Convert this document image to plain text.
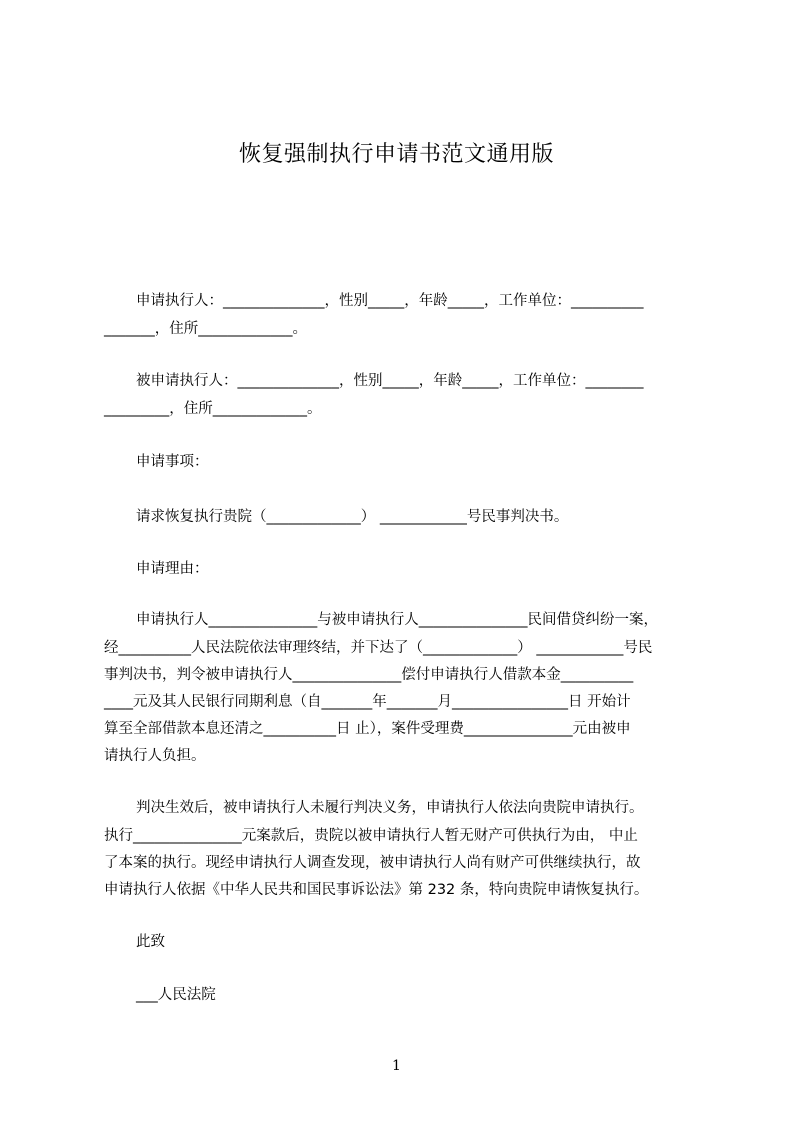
恢复强制执行申请书范文通用版
申请执行人：______________，性别_____，年龄_____，工作单位：__________
_______，住所_____________。
被申请执行人：______________，性别_____，年龄_____，工作单位：________
_________，住所_____________。
申请事项：
请求恢复执行贵院（_____________） ____________号民事判决书。
申请理由：
申请执行人_______________与被申请执行人_______________民间借贷纠纷一案，
经__________人民法院依法审理终结，并下达了（_____________） ____________号民
事判决书，判令被申请执行人_______________偿付申请执行人借款本金__________
____元及其人民银行同期利息（自_______年_______月________________日 开始计
算至全部借款本息还清之__________日 止），案件受理费_______________元由被申
请执行人负担。
判决生效后，被申请执行人未履行判决义务，申请执行人依法向贵院申请执行。
执行_______________元案款后，贵院以被申请执行人暂无财产可供执行为由， 中止
了本案的执行。现经申请执行人调查发现，被申请执行人尚有财产可供继续执行，故
申请执行人依据《中华人民共和国民事诉讼法》第 232 条，特向贵院申请恢复执行。
此致
___人民法院
1
